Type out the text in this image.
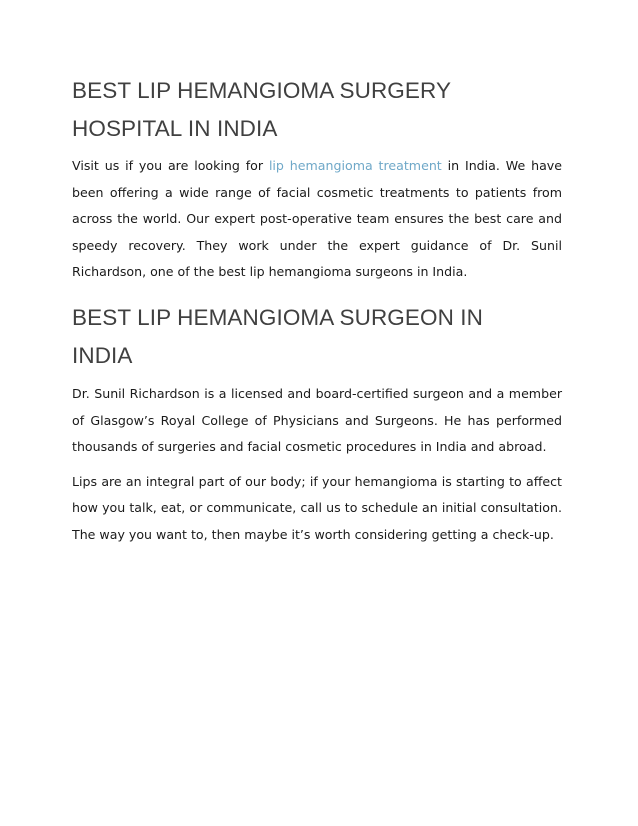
BEST LIP HEMANGIOMA SURGERY
HOSPITAL IN INDIA

Visit us if you are looking for lip hemangioma treatment in India. We have been offering a wide range of facial cosmetic treatments to patients from across the world. Our expert post-operative team ensures the best care and speedy recovery. They work under the expert guidance of Dr. Sunil Richardson, one of the best lip hemangioma surgeons in India.

BEST LIP HEMANGIOMA SURGEON IN
INDIA

Dr. Sunil Richardson is a licensed and board-certified surgeon and a member of Glasgow’s Royal College of Physicians and Surgeons. He has performed thousands of surgeries and facial cosmetic procedures in India and abroad.

Lips are an integral part of our body; if your hemangioma is starting to affect how you talk, eat, or communicate, call us to schedule an initial consultation. The way you want to, then maybe it’s worth considering getting a check-up.
